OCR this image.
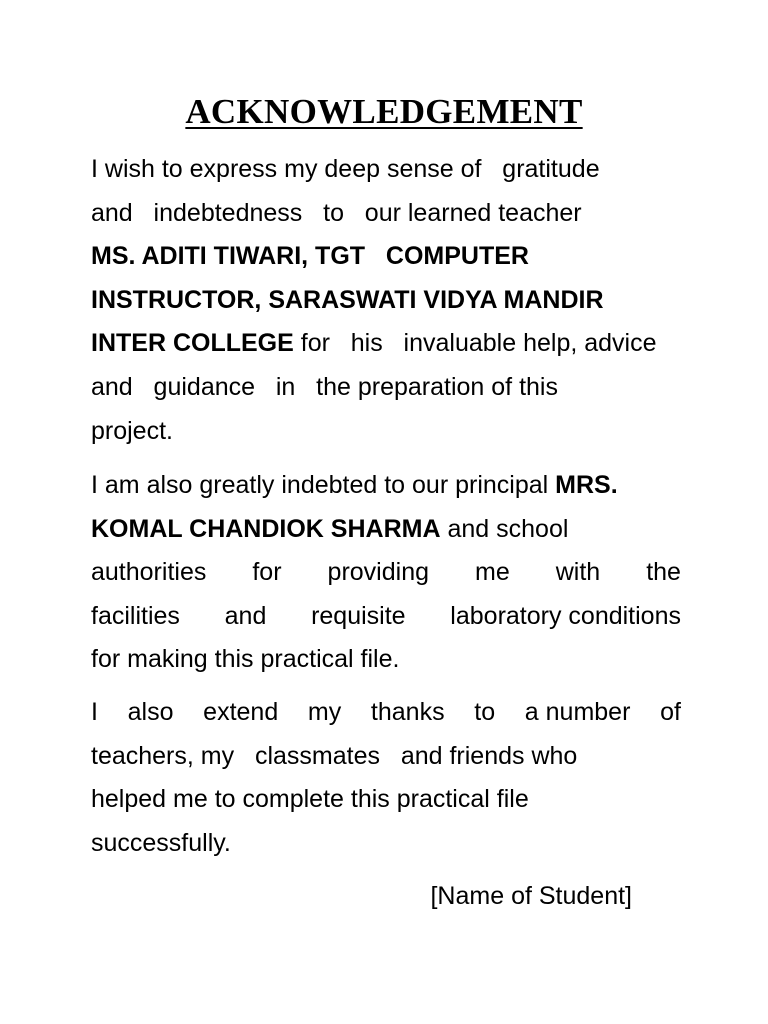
ACKNOWLEDGEMENT
I wish to express my deep sense of   gratitude
and   indebtedness   to   our learned teacher
MS. ADITI TIWARI, TGT   COMPUTER
INSTRUCTOR, SARASWATI VIDYA MANDIR
INTER COLLEGE for   his   invaluable help, advice
and   guidance   in   the preparation of this
project.
I am also greatly indebted to our principal MRS.
KOMAL CHANDIOK SHARMA and school
authorities for providing me with the
facilities and requisite laboratory conditions
for making this practical file.
I also extend my thanks to a number of
teachers, my   classmates   and friends who
helped me to complete this practical file
successfully.

[Name of Student]
